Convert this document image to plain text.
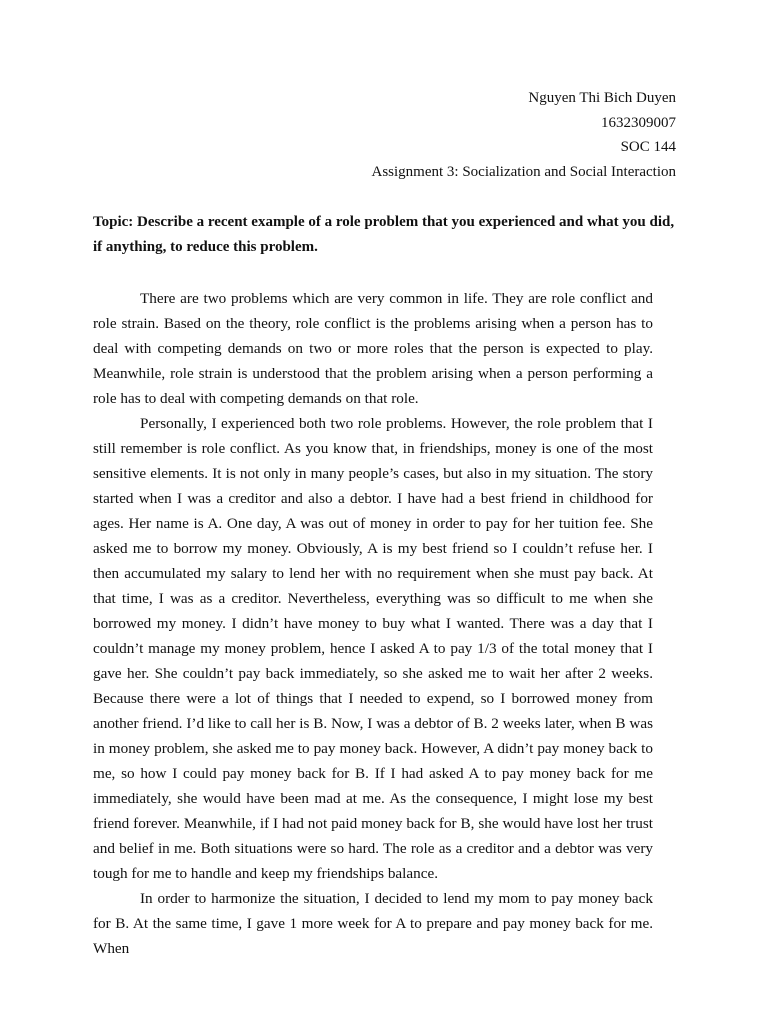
Nguyen Thi Bich Duyen
1632309007
SOC 144
Assignment 3: Socialization and Social Interaction

Topic: Describe a recent example of a role problem that you experienced and what you did, if anything, to reduce this problem.

There are two problems which are very common in life. They are role conflict and role strain. Based on the theory, role conflict is the problems arising when a person has to deal with competing demands on two or more roles that the person is expected to play. Meanwhile, role strain is understood that the problem arising when a person performing a role has to deal with competing demands on that role.

Personally, I experienced both two role problems. However, the role problem that I still remember is role conflict. As you know that, in friendships, money is one of the most sensitive elements. It is not only in many people’s cases, but also in my situation. The story started when I was a creditor and also a debtor. I have had a best friend in childhood for ages. Her name is A. One day, A was out of money in order to pay for her tuition fee. She asked me to borrow my money. Obviously, A is my best friend so I couldn’t refuse her. I then accumulated my salary to lend her with no requirement when she must pay back. At that time, I was as a creditor. Nevertheless, everything was so difficult to me when she borrowed my money. I didn’t have money to buy what I wanted. There was a day that I couldn’t manage my money problem, hence I asked A to pay 1/3 of the total money that I gave her. She couldn’t pay back immediately, so she asked me to wait her after 2 weeks. Because there were a lot of things that I needed to expend, so I borrowed money from another friend. I’d like to call her is B. Now, I was a debtor of B. 2 weeks later, when B was in money problem, she asked me to pay money back. However, A didn’t pay money back to me, so how I could pay money back for B. If I had asked A to pay money back for me immediately, she would have been mad at me. As the consequence, I might lose my best friend forever. Meanwhile, if I had not paid money back for B, she would have lost her trust and belief in me. Both situations were so hard. The role as a creditor and a debtor was very tough for me to handle and keep my friendships balance.

In order to harmonize the situation, I decided to lend my mom to pay money back for B. At the same time, I gave 1 more week for A to prepare and pay money back for me. When
